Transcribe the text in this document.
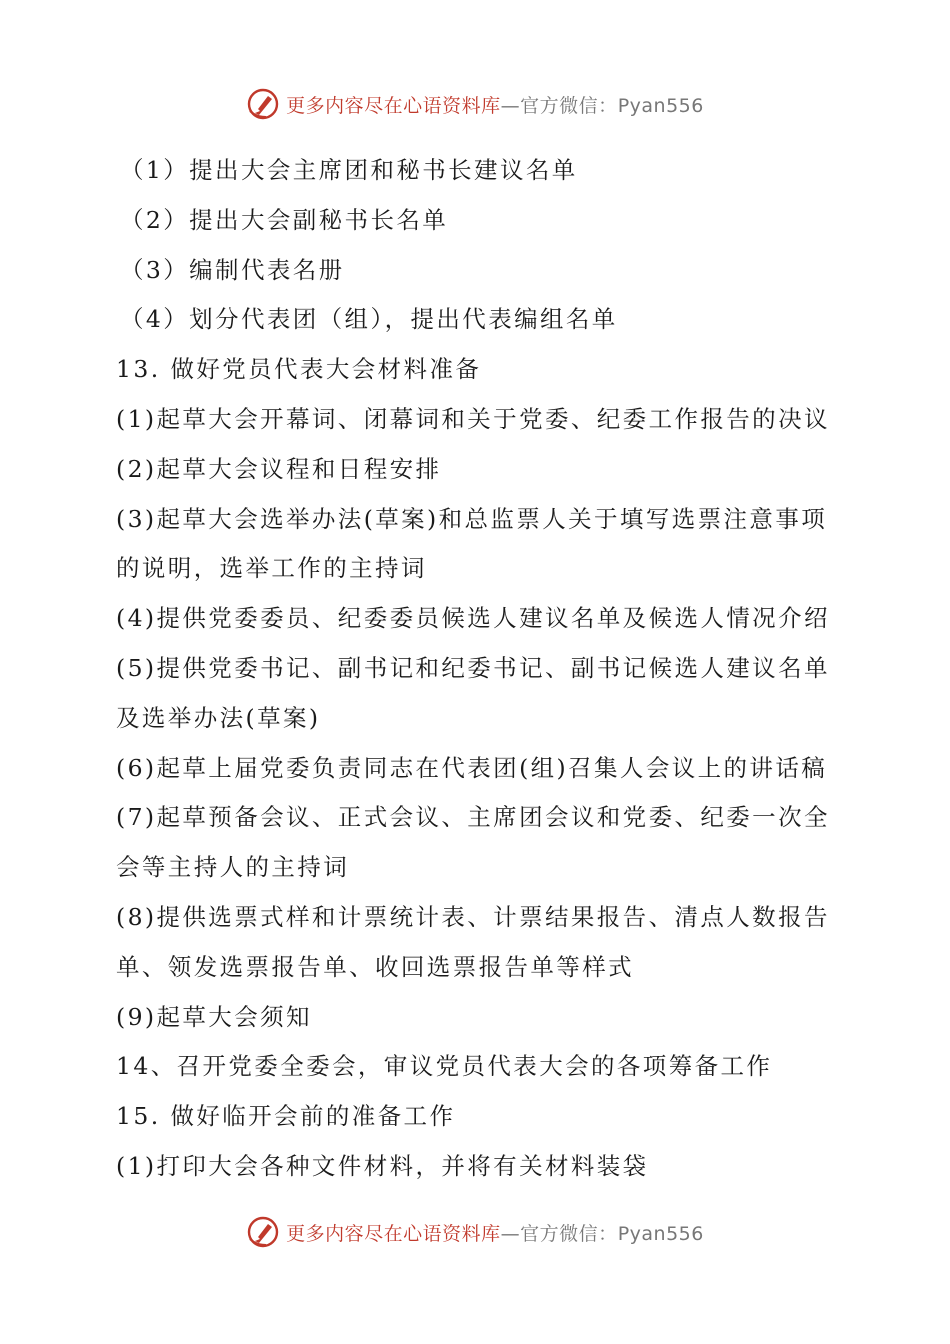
更多内容尽在心语资料库—官方微信：Pyan556
（1）提出大会主席团和秘书长建议名单
（2）提出大会副秘书长名单
（3）编制代表名册
（4）划分代表团（组），提出代表编组名单
13. 做好党员代表大会材料准备
(1)起草大会开幕词、闭幕词和关于党委、纪委工作报告的决议
(2)起草大会议程和日程安排
(3)起草大会选举办法(草案)和总监票人关于填写选票注意事项
的说明，选举工作的主持词
(4)提供党委委员、纪委委员候选人建议名单及候选人情况介绍
(5)提供党委书记、副书记和纪委书记、副书记候选人建议名单
及选举办法(草案)
(6)起草上届党委负责同志在代表团(组)召集人会议上的讲话稿
(7)起草预备会议、正式会议、主席团会议和党委、纪委一次全
会等主持人的主持词
(8)提供选票式样和计票统计表、计票结果报告、清点人数报告
单、领发选票报告单、收回选票报告单等样式
(9)起草大会须知
14、召开党委全委会，审议党员代表大会的各项筹备工作
15. 做好临开会前的准备工作
(1)打印大会各种文件材料，并将有关材料装袋
更多内容尽在心语资料库—官方微信：Pyan556
